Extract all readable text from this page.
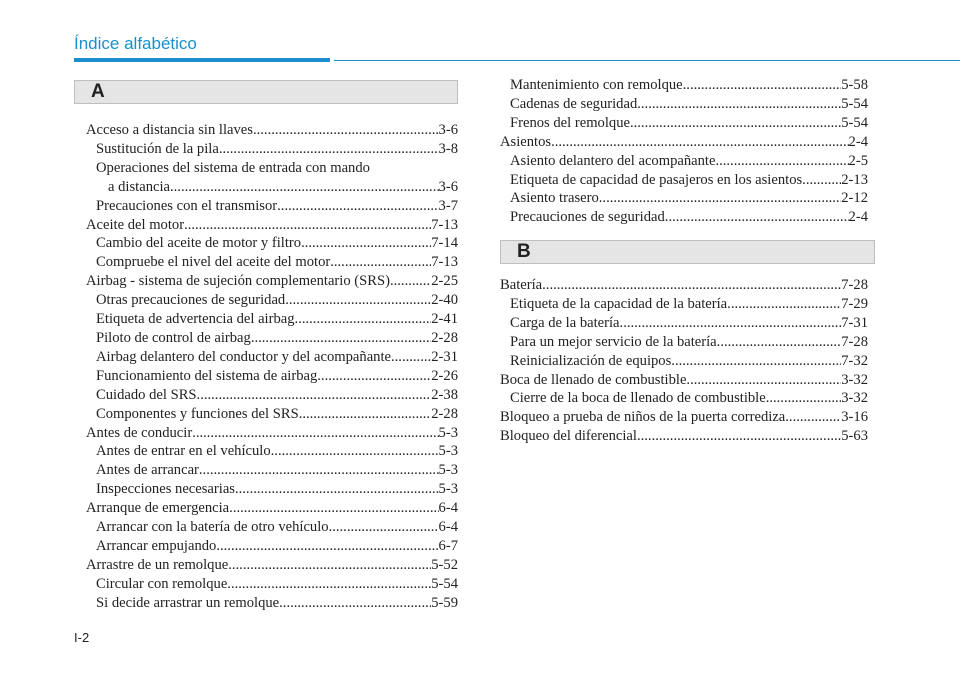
Índice alfabético
A
Acceso a distancia sin llaves .....	3-6
Sustitución de la pila .....	3-8
Operaciones del sistema de entrada con mando
a distancia .....	3-6
Precauciones con el transmisor .....	3-7
Aceite del motor .....	7-13
Cambio del aceite de motor y filtro .....	7-14
Compruebe el nivel del aceite del motor .....	7-13
Airbag - sistema de sujeción complementario (SRS) .....	2-25
Otras precauciones de seguridad .....	2-40
Etiqueta de advertencia del airbag .....	2-41
Piloto de control de airbag .....	2-28
Airbag delantero del conductor y del acompañante .....	2-31
Funcionamiento del sistema de airbag .....	2-26
Cuidado del SRS .....	2-38
Componentes y funciones del SRS .....	2-28
Antes de conducir .....	5-3
Antes de entrar en el vehículo .....	5-3
Antes de arrancar .....	5-3
Inspecciones necesarias .....	5-3
Arranque de emergencia .....	6-4
Arrancar con la batería de otro vehículo .....	6-4
Arrancar empujando .....	6-7
Arrastre de un remolque .....	5-52
Circular con remolque .....	5-54
Si decide arrastrar un remolque .....	5-59
Mantenimiento con remolque .....	5-58
Cadenas de seguridad .....	5-54
Frenos del remolque .....	5-54
Asientos .....	2-4
Asiento delantero del acompañante .....	2-5
Etiqueta de capacidad de pasajeros en los asientos .....	2-13
Asiento trasero .....	2-12
Precauciones de seguridad .....	2-4
B
Batería .....	7-28
Etiqueta de la capacidad de la batería .....	7-29
Carga de la batería .....	7-31
Para un mejor servicio de la batería .....	7-28
Reinicialización de equipos .....	7-32
Boca de llenado de combustible .....	3-32
Cierre de la boca de llenado de combustible .....	3-32
Bloqueo a prueba de niños de la puerta corrediza .....	3-16
Bloqueo del diferencial .....	5-63
I-2
